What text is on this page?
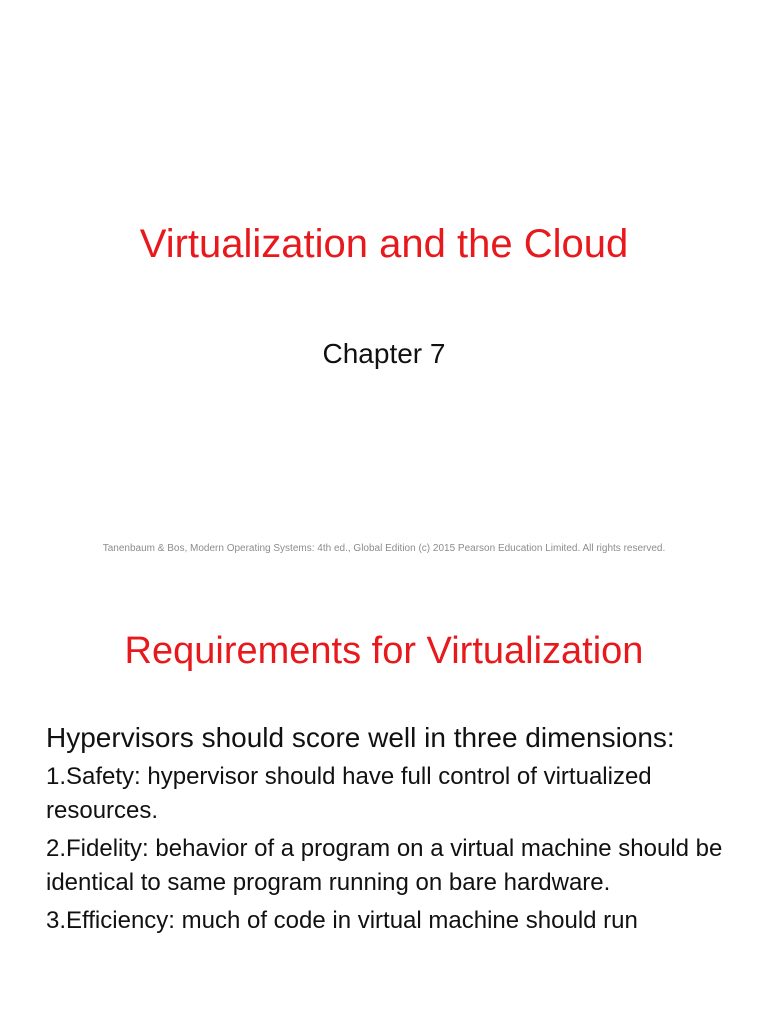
Virtualization and the Cloud
Chapter 7
Tanenbaum & Bos, Modern Operating Systems: 4th ed., Global Edition (c) 2015 Pearson Education Limited. All rights reserved.
Requirements for Virtualization

Hypervisors should score well in three dimensions:

1.Safety: hypervisor should have full control of virtualized resources.

2.Fidelity: behavior of a program on a virtual machine should be identical to same program running on bare hardware.

3.Efficiency: much of code in virtual machine should run
